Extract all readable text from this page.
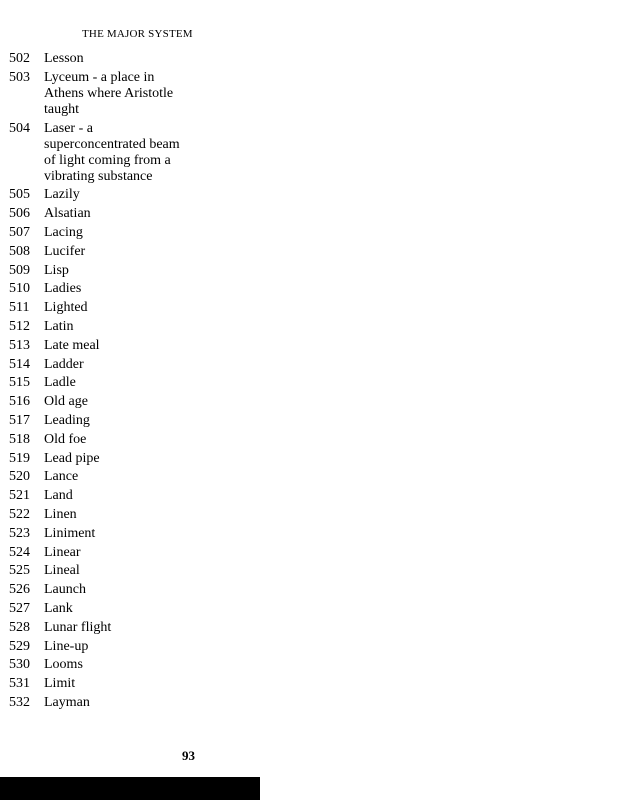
THE MAJOR SYSTEM
502	Lesson
503	Lyceum - a place in Athens where Aristotle taught
504	Laser - a superconcentrated beam of light coming from a vibrating substance
505	Lazily
506	Alsatian
507	Lacing
508	Lucifer
509	Lisp
510	Ladies
511	Lighted
512	Latin
513	Late meal
514	Ladder
515	Ladle
516	Old age
517	Leading
518	Old foe
519	Lead pipe
520	Lance
521	Land
522	Linen
523	Liniment
524	Linear
525	Lineal
526	Launch
527	Lank
528	Lunar flight
529	Line-up
530	Looms
531	Limit
532	Layman
93
